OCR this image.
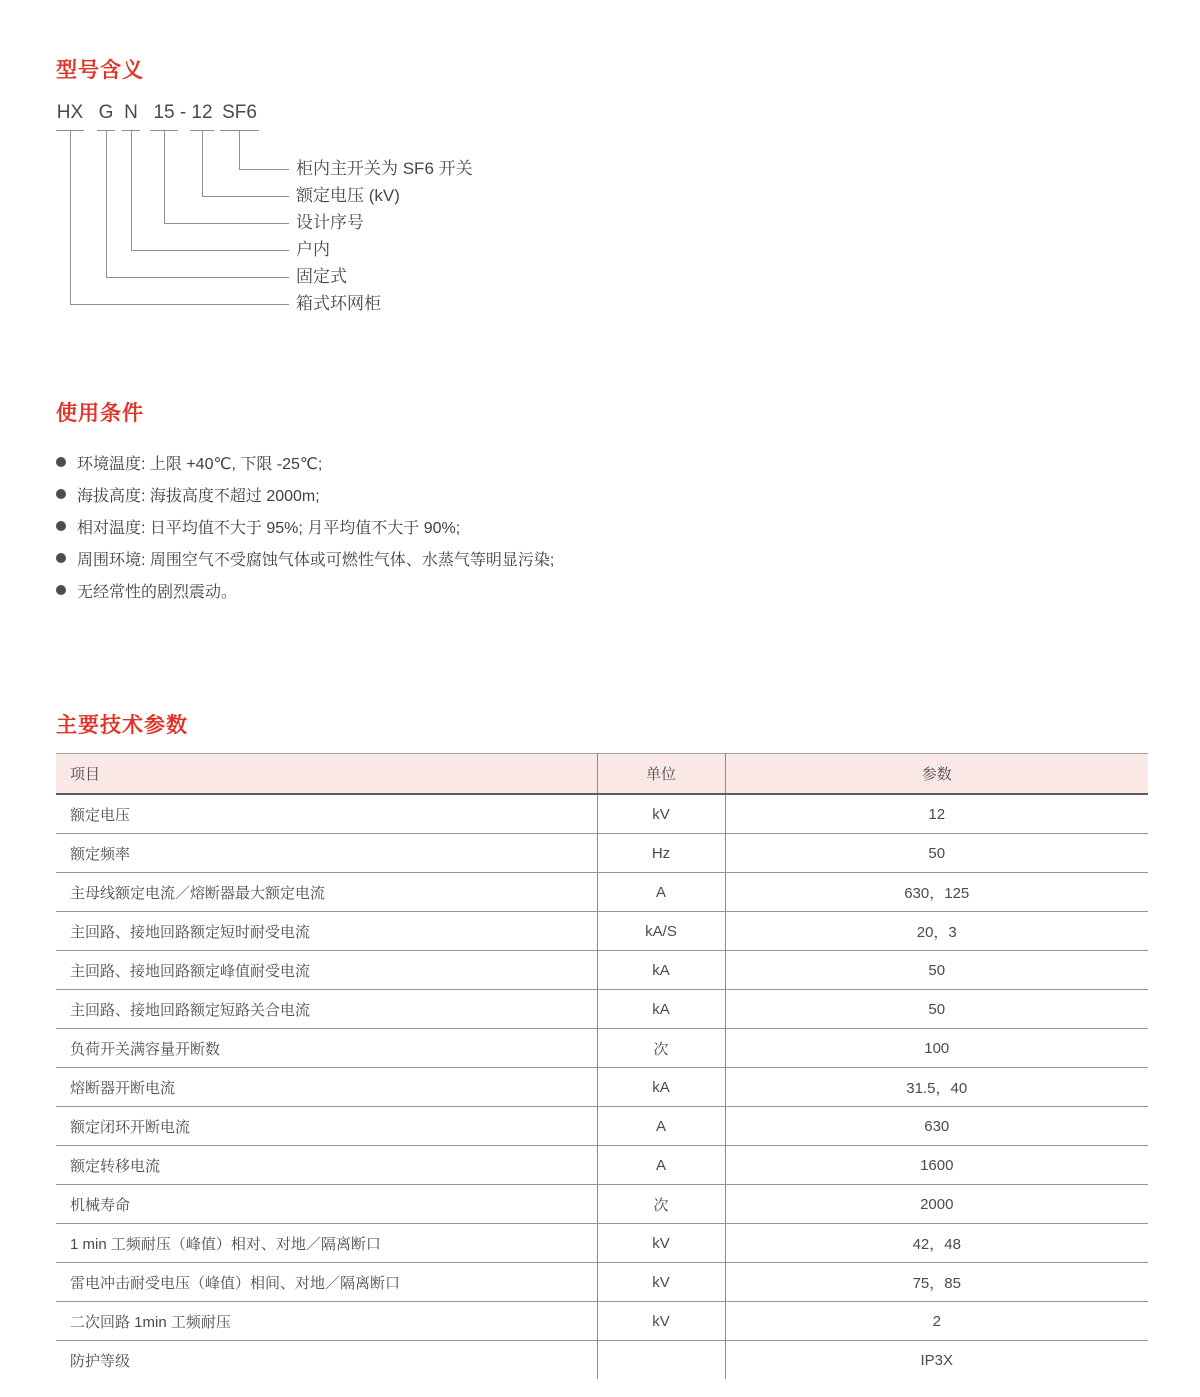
型号含义
HX G N 15 - 12 SF6
箱式环网柜
固定式
户内
设计序号
额定电压 (kV)
柜内主开关为 SF6 开关
使用条件
环境温度: 上限 +40℃, 下限 -25℃;
海拔高度: 海拔高度不超过 2000m;
相对温度: 日平均值不大于 95%; 月平均值不大于 90%;
周围环境: 周围空气不受腐蚀气体或可燃性气体、水蒸气等明显污染;
无经常性的剧烈震动。
主要技术参数
项目	单位	参数
额定电压	kV	12
额定频率	Hz	50
主母线额定电流／熔断器最大额定电流	A	630，125
主回路、接地回路额定短时耐受电流	kA/S	20，3
主回路、接地回路额定峰值耐受电流	kA	50
主回路、接地回路额定短路关合电流	kA	50
负荷开关满容量开断数	次	100
熔断器开断电流	kA	31.5，40
额定闭环开断电流	A	630
额定转移电流	A	1600
机械寿命	次	2000
1 min 工频耐压（峰值）相对、对地／隔离断口	kV	42，48
雷电冲击耐受电压（峰值）相间、对地／隔离断口	kV	75，85
二次回路 1min 工频耐压	kV	2
防护等级		IP3X
